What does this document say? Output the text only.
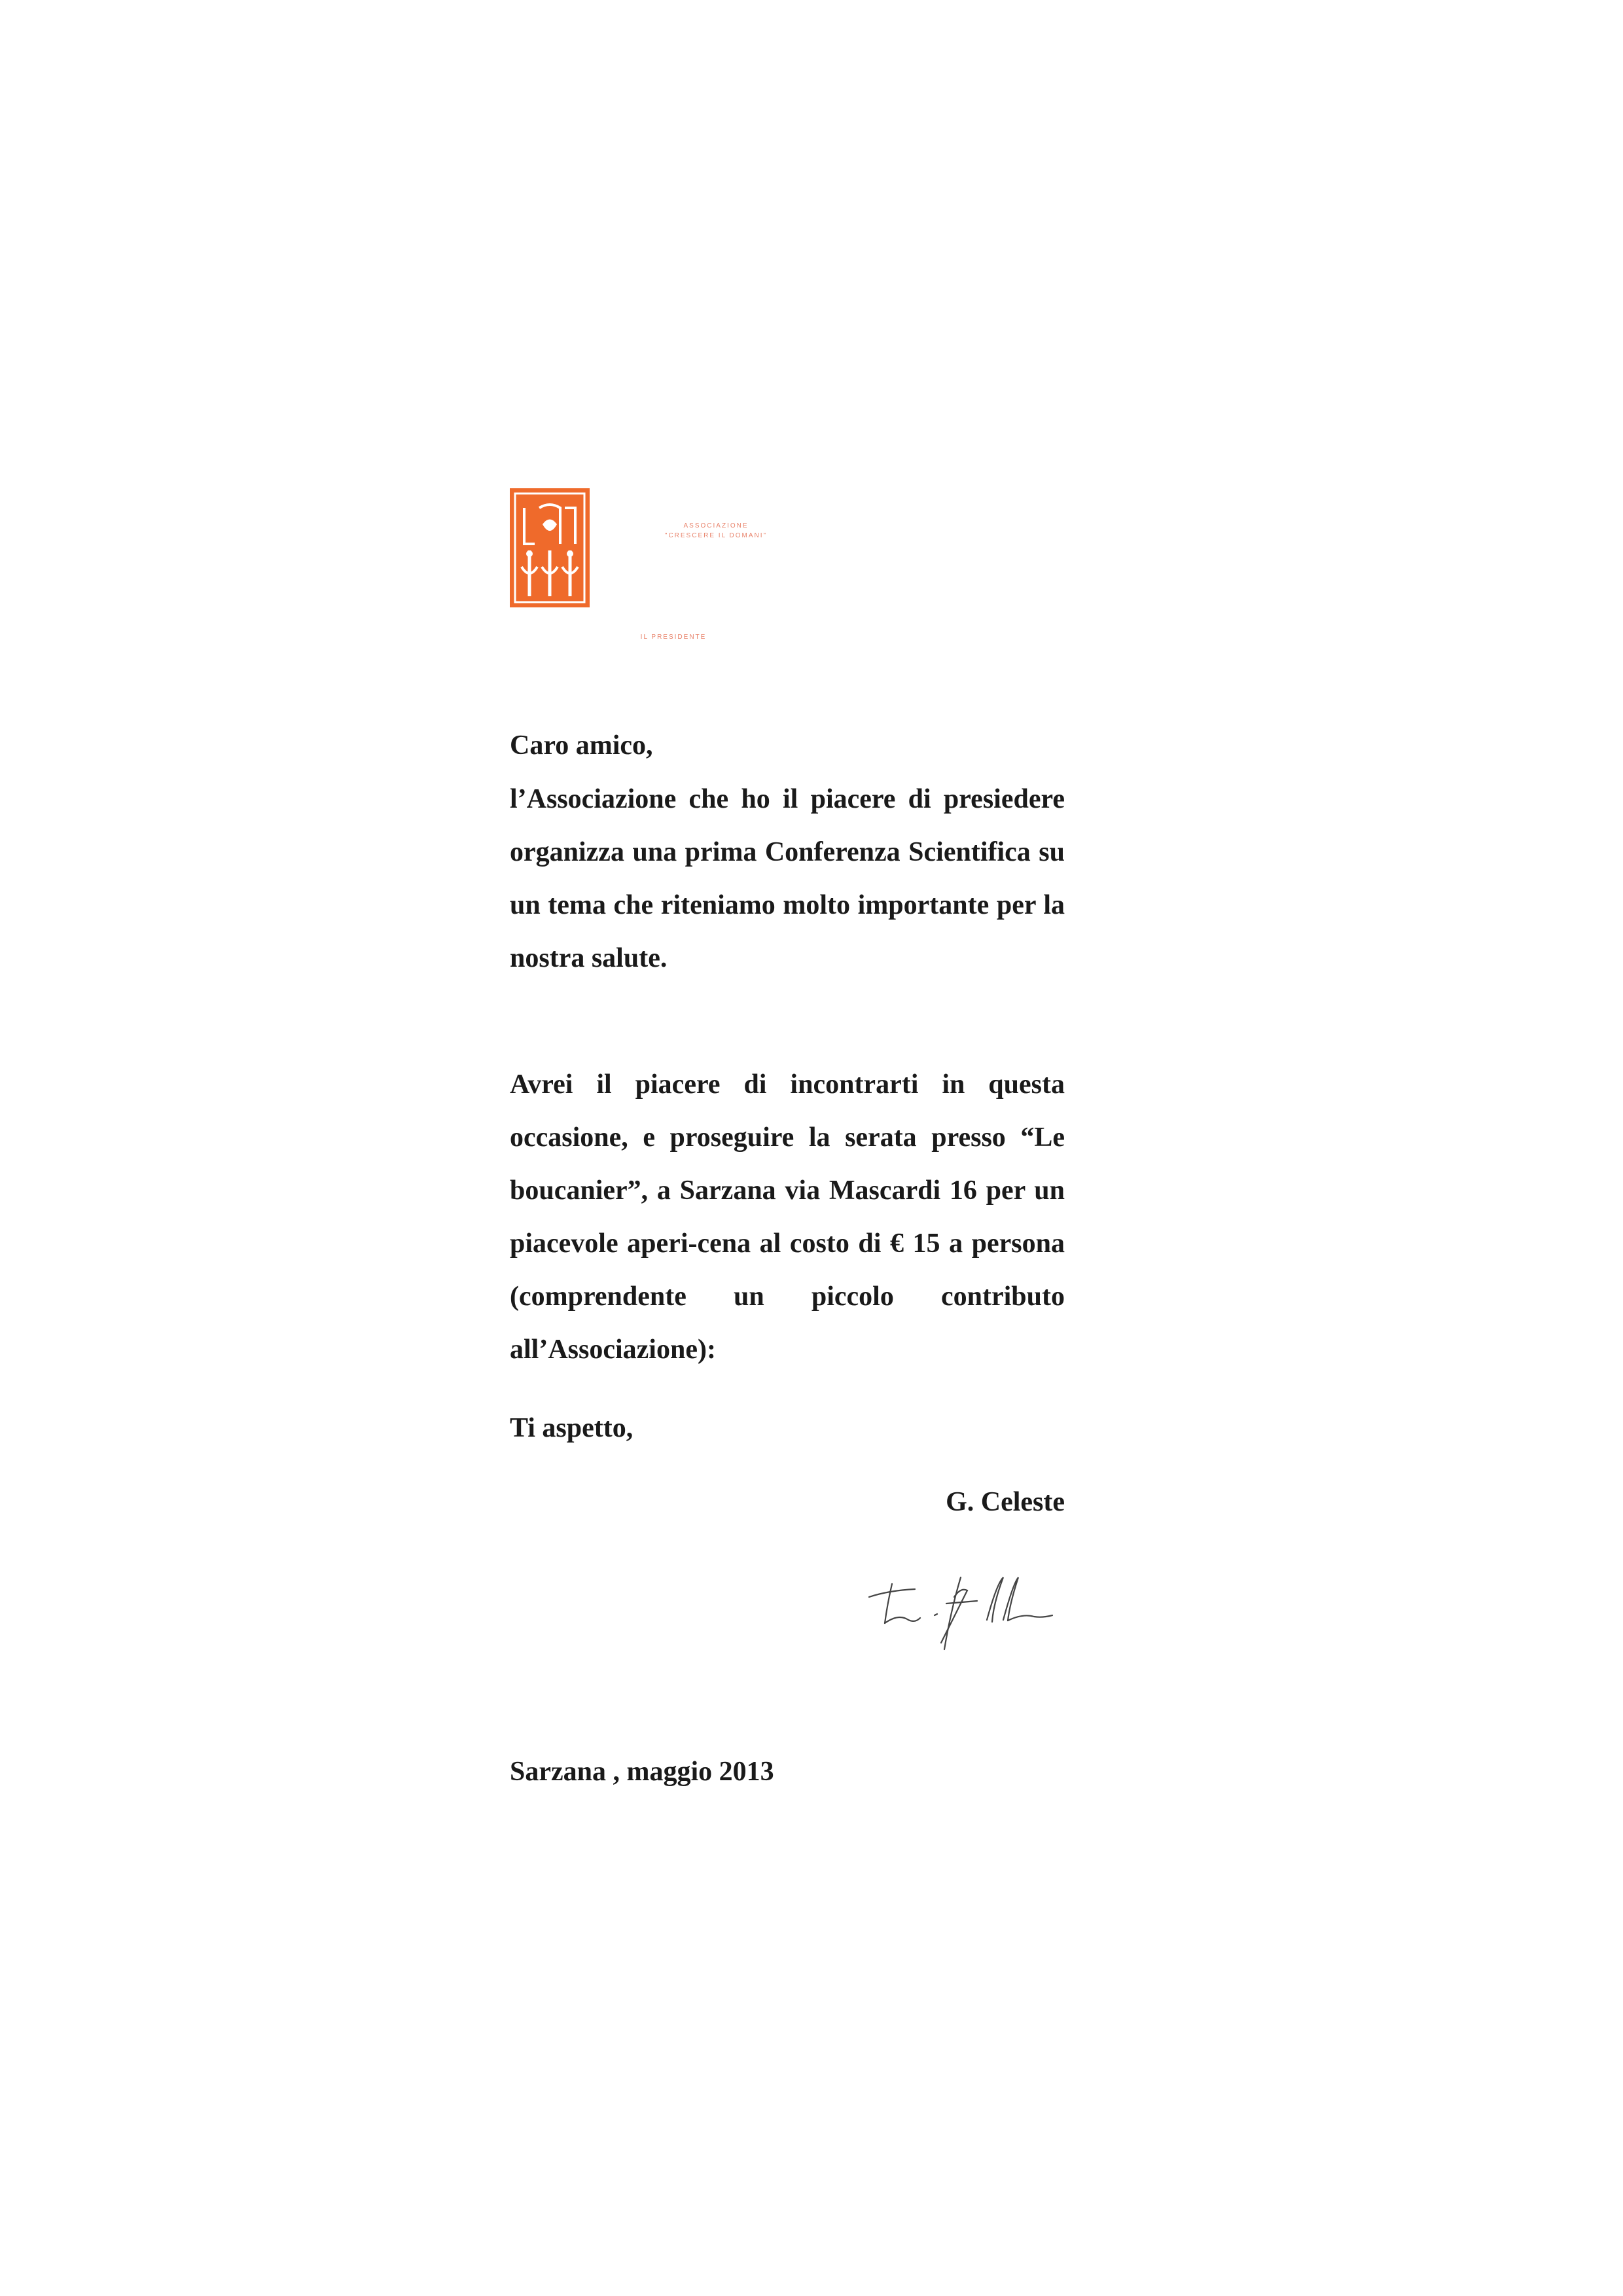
ASSOCIAZIONE
"CRESCERE IL DOMANI"
IL PRESIDENTE

Caro amico,

l’Associazione che ho il piacere di presiedere organizza una prima Conferenza Scientifica su un tema che riteniamo molto importante per la nostra salute.

Avrei il piacere di incontrarti in questa occasione, e proseguire la serata presso “Le boucanier”, a Sarzana via Mascardi 16 per un piacevole aperi-cena al costo di € 15 a persona (comprendente un piccolo contributo all’Associazione):

Ti aspetto,

G. Celeste

Sarzana , maggio 2013
